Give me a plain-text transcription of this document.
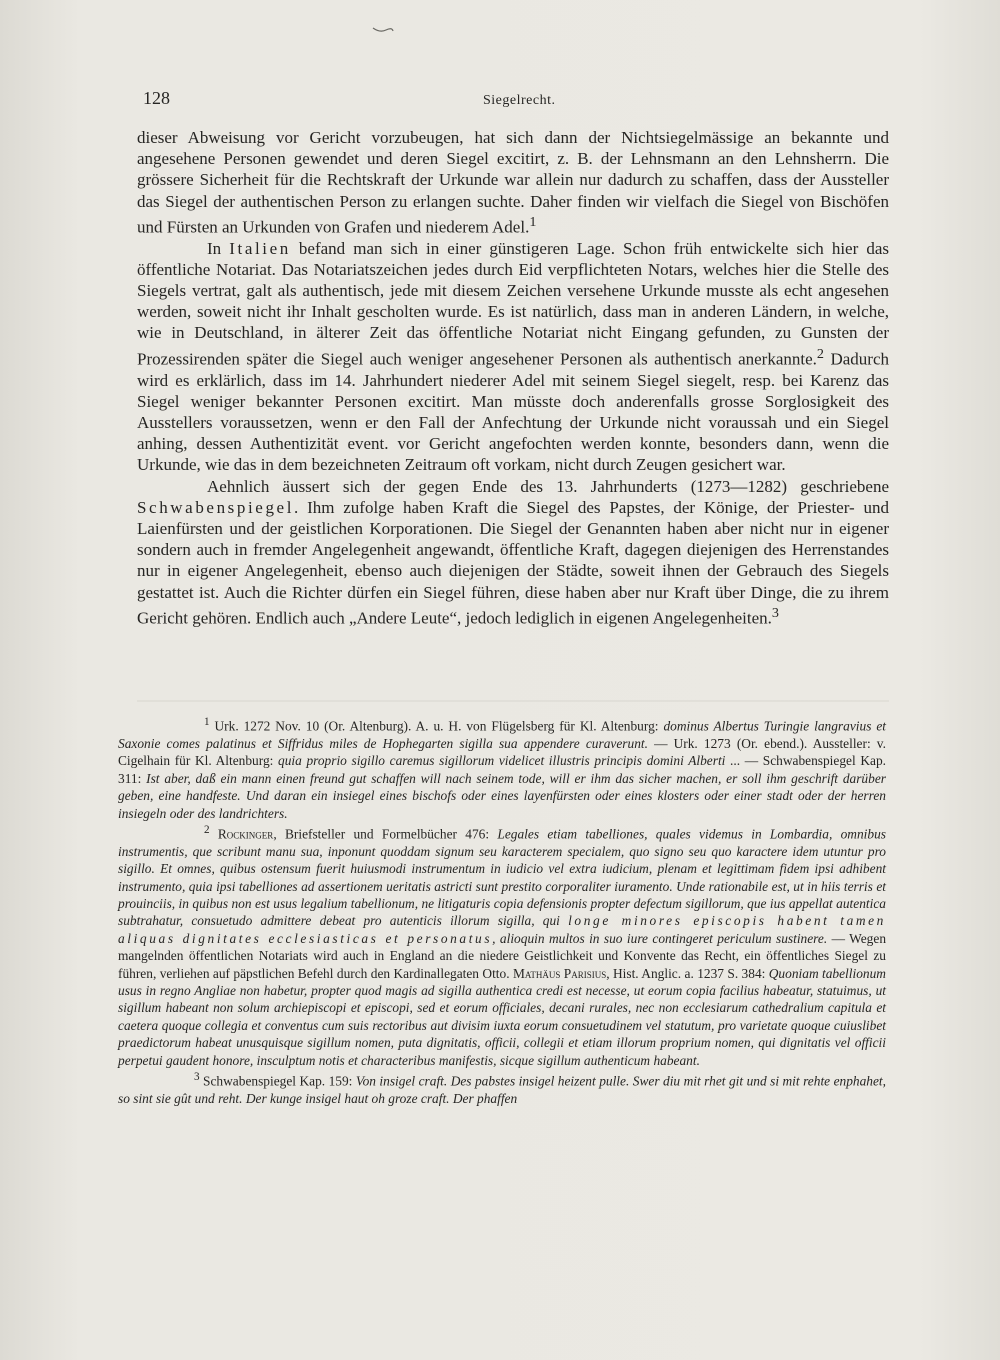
128	Siegelrecht.

dieser Abweisung vor Gericht vorzubeugen, hat sich dann der Nichtsiegelmässige an bekannte und angesehene Personen gewendet und deren Siegel excitirt, z. B. der Lehnsmann an den Lehnsherrn. Die grössere Sicherheit für die Rechtskraft der Urkunde war allein nur dadurch zu schaffen, dass der Aussteller das Siegel der authentischen Person zu erlangen suchte. Daher finden wir vielfach die Siegel von Bischöfen und Fürsten an Urkunden von Grafen und niederem Adel.$^1$

In Italien befand man sich in einer günstigeren Lage. Schon früh entwickelte sich hier das öffentliche Notariat. Das Notariatszeichen jedes durch Eid verpflichteten Notars, welches hier die Stelle des Siegels vertrat, galt als authentisch, jede mit diesem Zeichen versehene Urkunde musste als echt angesehen werden, soweit nicht ihr Inhalt gescholten wurde. Es ist natürlich, dass man in anderen Ländern, in welche, wie in Deutschland, in älterer Zeit das öffentliche Notariat nicht Eingang gefunden, zu Gunsten der Prozessirenden später die Siegel auch weniger angesehener Personen als authentisch anerkannte.$^2$ Dadurch wird es erklärlich, dass im 14. Jahrhundert niederer Adel mit seinem Siegel siegelt, resp. bei Karenz das Siegel weniger bekannter Personen excitirt. Man müsste doch anderenfalls grosse Sorglosigkeit des Ausstellers voraussetzen, wenn er den Fall der Anfechtung der Urkunde nicht voraussah und ein Siegel anhing, dessen Authentizität event. vor Gericht angefochten werden konnte, besonders dann, wenn die Urkunde, wie das in dem bezeichneten Zeitraum oft vorkam, nicht durch Zeugen gesichert war.

Aehnlich äussert sich der gegen Ende des 13. Jahrhunderts (1273—1282) geschriebene Schwabenspiegel. Ihm zufolge haben Kraft die Siegel des Papstes, der Könige, der Priester- und Laienfürsten und der geistlichen Korporationen. Die Siegel der Genannten haben aber nicht nur in eigener sondern auch in fremder Angelegenheit angewandt, öffentliche Kraft, dagegen diejenigen des Herrenstandes nur in eigener Angelegenheit, ebenso auch diejenigen der Städte, soweit ihnen der Gebrauch des Siegels gestattet ist. Auch die Richter dürfen ein Siegel führen, diese haben aber nur Kraft über Dinge, die zu ihrem Gericht gehören. Endlich auch „Andere Leute“, jedoch lediglich in eigenen Angelegenheiten.$^3$

$^1$ Urk. 1272 Nov. 10 (Or. Altenburg). A. u. H. von Flügelsberg für Kl. Altenburg: dominus Albertus Turingie langravius et Saxonie comes palatinus et Siffridus miles de Hophegarten sigilla sua appendere curaverunt. — Urk. 1273 (Or. ebend.). Aussteller: v. Cigelhain für Kl. Altenburg: quia proprio sigillo caremus sigillorum videlicet illustris principis domini Alberti ... — Schwabenspiegel Kap. 311: Ist aber, daß ein mann einen freund gut schaffen will nach seinem tode, will er ihm das sicher machen, er soll ihm geschrift darüber geben, eine handfeste. Und daran ein insiegel eines bischofs oder eines layenfürsten oder eines klosters oder einer stadt oder der herren insiegeln oder des landrichters.

$^2$ Rockinger, Briefsteller und Formelbücher 476: Legales etiam tabelliones, quales videmus in Lombardia, omnibus instrumentis, que scribunt manu sua, inponunt quoddam signum seu karacterem specialem, quo signo seu quo karactere idem utuntur pro sigillo. Et omnes, quibus ostensum fuerit huiusmodi instrumentum in iudicio vel extra iudicium, plenam et legittimam fidem ipsi adhibent instrumento, quia ipsi tabelliones ad assertionem ueritatis astricti sunt prestito corporaliter iuramento. Unde rationabile est, ut in hiis terris et prouinciis, in quibus non est usus legalium tabellionum, ne litigaturis copia defensionis propter defectum sigillorum, que ius appellat autentica subtrahatur, consuetudo admittere debeat pro autenticis illorum sigilla, qui longe minores episcopis habent tamen aliquas dignitates ecclesiasticas et personatus, alioquin multos in suo iure contingeret periculum sustinere. — Wegen mangelnden öffentlichen Notariats wird auch in England an die niedere Geistlichkeit und Konvente das Recht, ein öffentliches Siegel zu führen, verliehen auf päpstlichen Befehl durch den Kardinallegaten Otto. Mathäus Parisius, Hist. Anglic. a. 1237 S. 384: Quoniam tabellionum usus in regno Angliae non habetur, propter quod magis ad sigilla authentica credi est necesse, ut eorum copia facilius habeatur, statuimus, ut sigillum habeant non solum archiepiscopi et episcopi, sed et eorum officiales, decani rurales, nec non ecclesiarum cathedralium capitula et caetera quoque collegia et conventus cum suis rectoribus aut divisim iuxta eorum consuetudinem vel statutum, pro varietate quoque cuiuslibet praedictorum habeat unusquisque sigillum nomen, puta dignitatis, officii, collegii et etiam illorum proprium nomen, qui dignitatis vel officii perpetui gaudent honore, insculptum notis et characteribus manifestis, sicque sigillum authenticum habeant.

$^3$ Schwabenspiegel Kap. 159: Von insigel craft. Des pabstes insigel heizent pulle. Swer diu mit rhet git und si mit rehte enphahet, so sint sie gût und reht. Der kunge insigel haut oh groze craft. Der phaffen
